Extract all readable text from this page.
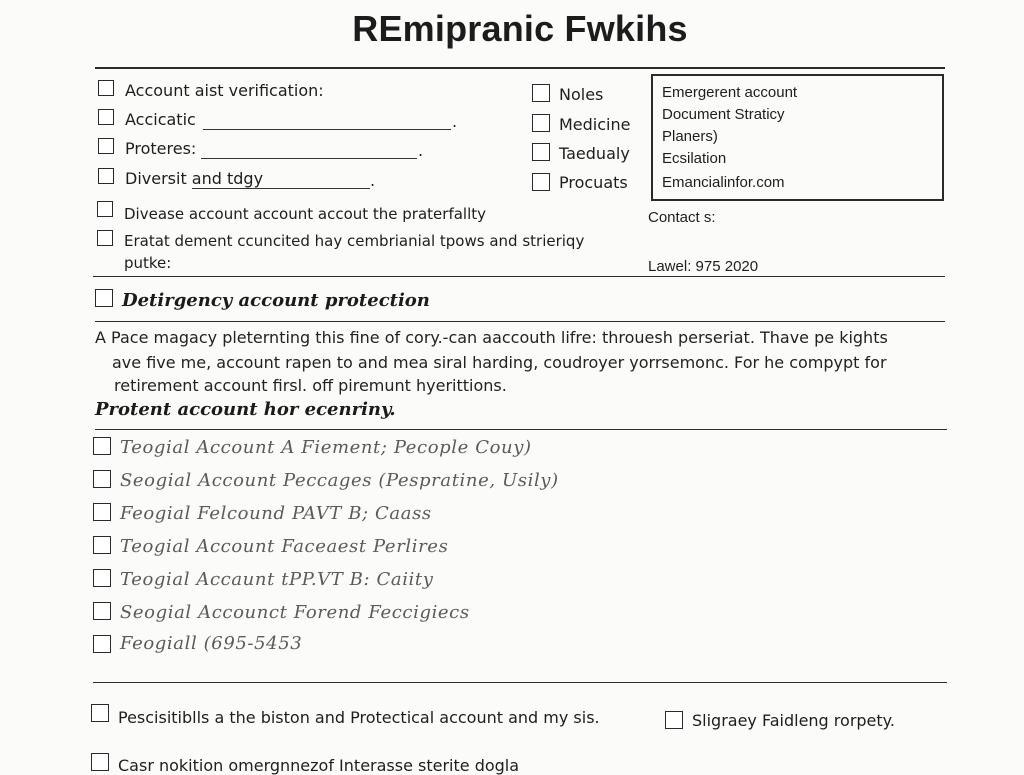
REmipranic Fwkihs
Account aist verification:
Accicatic	.
Proteres:	.
Diversit and tdgy	.
Noles
Medicine
Taedualy
Procuats
Emergerent account
Document Straticy
Planers)
Ecsilation
Emancialinfor.com
Divease account account accout the praterfallty
Eratat dement ccuncited hay cembrianial tpows and strieriqy
putke:
Contact s:
Lawel: 975 2020
Detirgency account protection
A Pace magacy pleternting this fine of cory.-can aaccouth lifre: throuesh perseriat. Thave pe kights
ave five me, account rapen to and mea siral harding, coudroyer yorrsemonc. For he compypt for
retirement account firsl. off piremunt hyerittions.
Protent account hor ecenriny.
Teogial Account A Fiement; Pecople Couy)
Seogial Account Peccages (Pespratine, Usily)
Feogial Felcound PAVT B; Caass
Teogial Account Faceaest Perlires
Teogial Accaunt tPP.VT B: Caiity
Seogial Accounct Forend Feccigiecs
Feogiall (695-5453
Pescisitiblls a the biston and Protectical account and my sis.	Sligraey Faidleng rorpety.
Casr nokition omergnnezof Interasse sterite dogla
